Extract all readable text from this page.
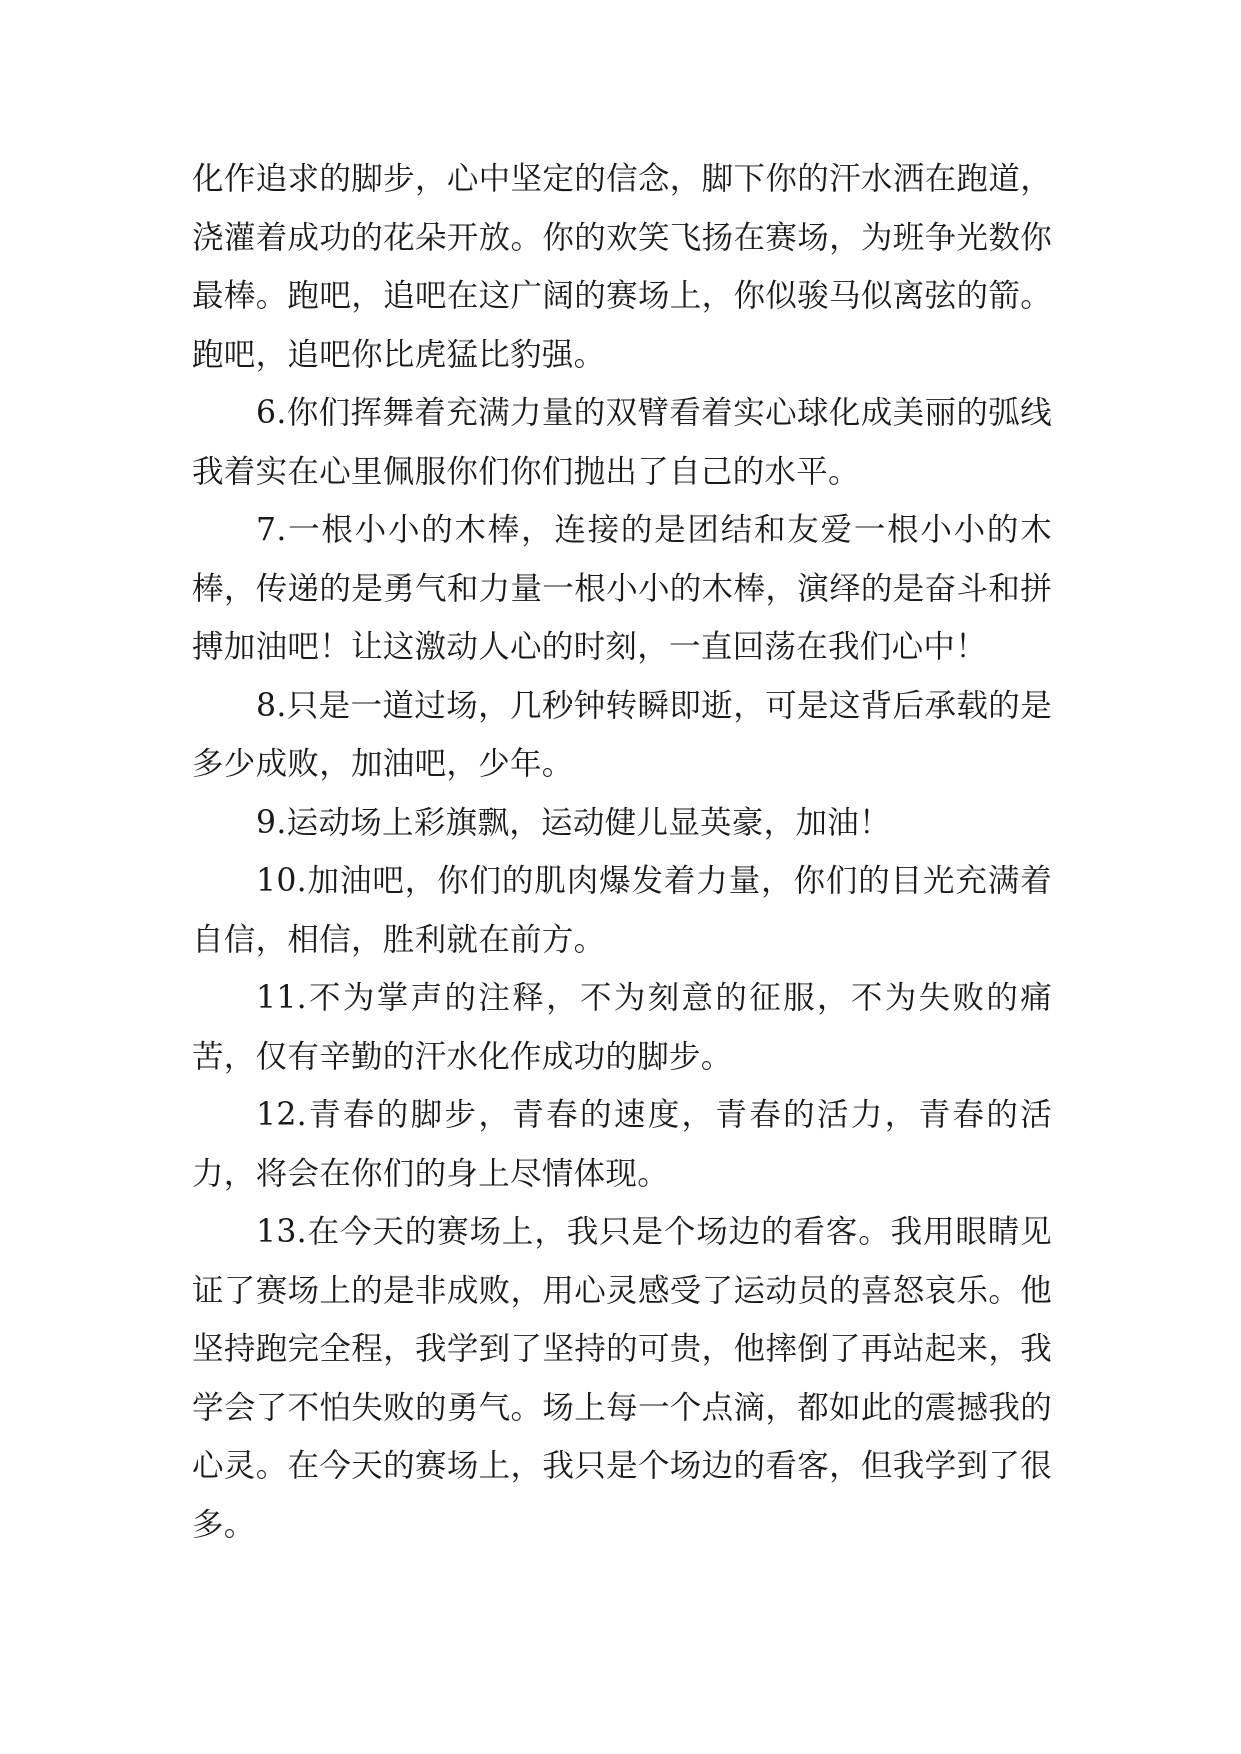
化作追求的脚步，心中坚定的信念，脚下你的汗水洒在跑道，浇灌着成功的花朵开放。你的欢笑飞扬在赛场，为班争光数你最棒。跑吧，追吧在这广阔的赛场上，你似骏马似离弦的箭。跑吧，追吧你比虎猛比豹强。

6.你们挥舞着充满力量的双臂看着实心球化成美丽的弧线我着实在心里佩服你们你们抛出了自己的水平。

7.一根小小的木棒，连接的是团结和友爱一根小小的木棒，传递的是勇气和力量一根小小的木棒，演绎的是奋斗和拼搏加油吧！让这激动人心的时刻，一直回荡在我们心中！

8.只是一道过场，几秒钟转瞬即逝，可是这背后承载的是多少成败，加油吧，少年。

9.运动场上彩旗飘，运动健儿显英豪，加油！

10.加油吧，你们的肌肉爆发着力量，你们的目光充满着自信，相信，胜利就在前方。

11.不为掌声的注释，不为刻意的征服，不为失败的痛苦，仅有辛勤的汗水化作成功的脚步。

12.青春的脚步，青春的速度，青春的活力，青春的活力，将会在你们的身上尽情体现。

13.在今天的赛场上，我只是个场边的看客。我用眼睛见证了赛场上的是非成败，用心灵感受了运动员的喜怒哀乐。他坚持跑完全程，我学到了坚持的可贵，他摔倒了再站起来，我学会了不怕失败的勇气。场上每一个点滴，都如此的震撼我的心灵。在今天的赛场上，我只是个场边的看客，但我学到了很多。
